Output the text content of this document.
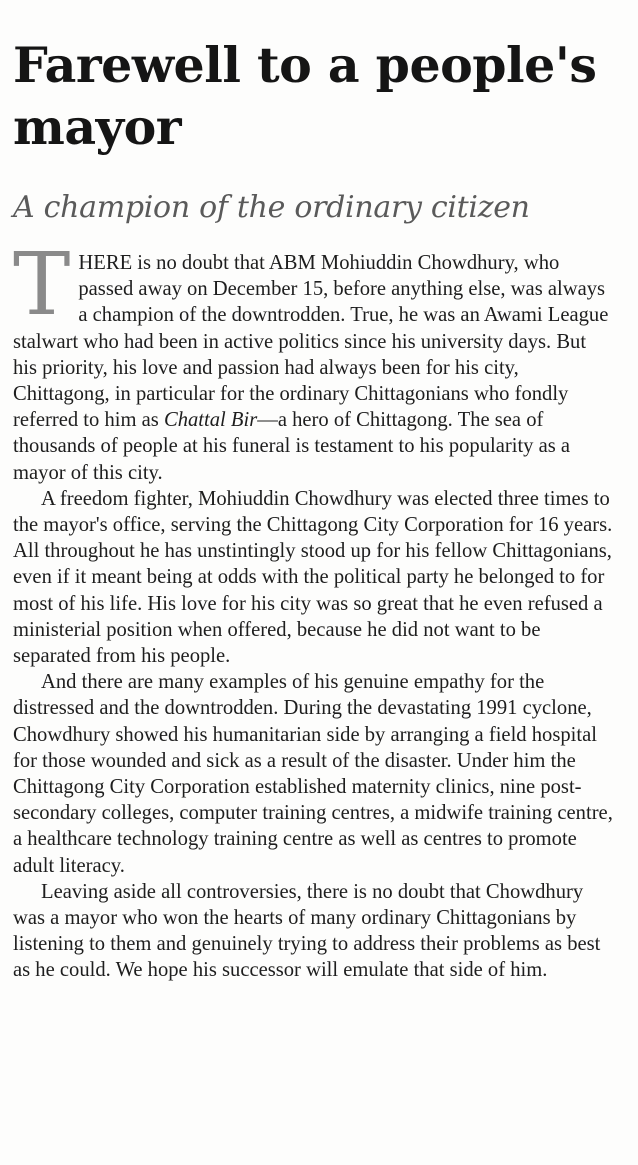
Farewell to a people's mayor
A champion of the ordinary citizen

THERE is no doubt that ABM Mohiuddin Chowdhury, who passed away on December 15, before anything else, was always a champion of the downtrodden. True, he was an Awami League stalwart who had been in active politics since his university days. But his priority, his love and passion had always been for his city, Chittagong, in particular for the ordinary Chittagonians who fondly referred to him as Chattal Bir—a hero of Chittagong. The sea of thousands of people at his funeral is testament to his popularity as a mayor of this city.

A freedom fighter, Mohiuddin Chowdhury was elected three times to the mayor's office, serving the Chittagong City Corporation for 16 years. All throughout he has unstintingly stood up for his fellow Chittagonians, even if it meant being at odds with the political party he belonged to for most of his life. His love for his city was so great that he even refused a ministerial position when offered, because he did not want to be separated from his people.

And there are many examples of his genuine empathy for the distressed and the downtrodden. During the devastating 1991 cyclone, Chowdhury showed his humanitarian side by arranging a field hospital for those wounded and sick as a result of the disaster. Under him the Chittagong City Corporation established maternity clinics, nine post-secondary colleges, computer training centres, a midwife training centre, a healthcare technology training centre as well as centres to promote adult literacy.

Leaving aside all controversies, there is no doubt that Chowdhury was a mayor who won the hearts of many ordinary Chittagonians by listening to them and genuinely trying to address their problems as best as he could. We hope his successor will emulate that side of him.
